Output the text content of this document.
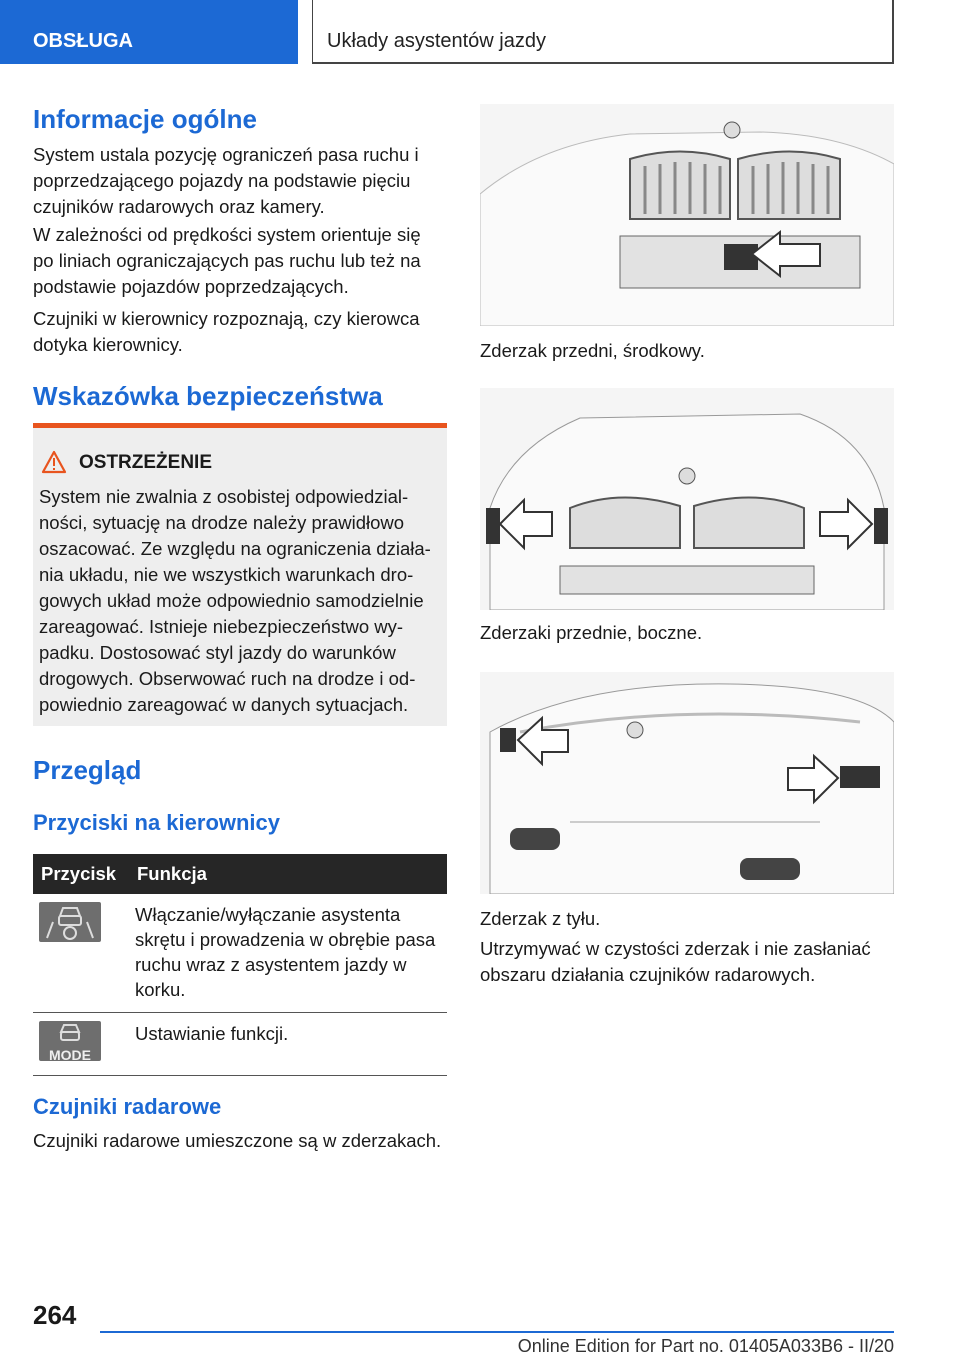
OBSŁUGA	Układy asystentów jazdy
Informacje ogólne

System ustala pozycję ograniczeń pasa ruchu i poprzedzającego pojazdy na podstawie pięciu czujników radarowych oraz kamery.

W zależności od prędkości system orientuje się po liniach ograniczających pas ruchu lub też na podstawie pojazdów poprzedzających.

Czujniki w kierownicy rozpoznają, czy kierowca dotyka kierownicy.

Wskazówka bezpieczeństwa
OSTRZEŻENIE

System nie zwalnia z osobistej odpowiedzialności, sytuację na drodze należy prawidłowo oszacować. Ze względu na ograniczenia działania układu, nie we wszystkich warunkach drogowych układ może odpowiednio samodzielnie zareagować. Istnieje niebezpieczeństwo wypadku. Dostosować styl jazdy do warunków drogowych. Obserwować ruch na drodze i odpowiednio zareagować w danych sytuacjach.

Przegląd
Przyciski na kierownicy
Przycisk	Funkcja

	Włączanie/wyłączanie asystenta skrętu i prowadzenia w obrębie pasa ruchu wraz z asystentem jazdy w korku.

MODE	Ustawianie funkcji.
Czujniki radarowe

Czujniki radarowe umieszczone są w zderzakach.

Zderzak przedni, środkowy.

Zderzaki przednie, boczne.

Zderzak z tyłu.

Utrzymywać w czystości zderzak i nie zasłaniać obszaru działania czujników radarowych.

264
Online Edition for Part no. 01405A033B6 - II/20
